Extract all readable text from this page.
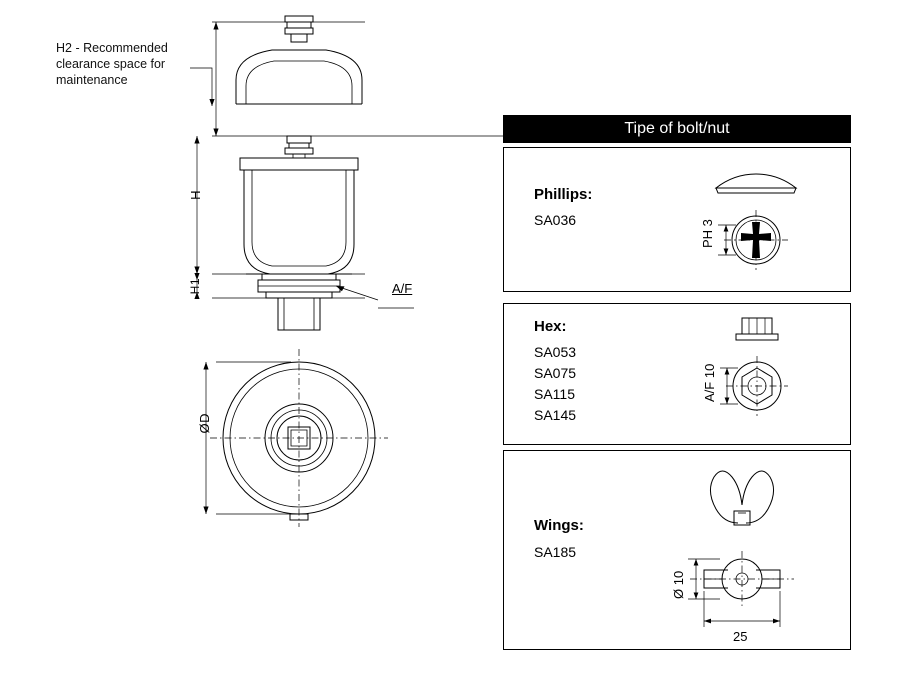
H2 - Recommended clearance space for maintenance
H
H1	A/F
ØD
Tipe of bolt/nut
Phillips:
SA036	PH 3
Hex:
SA053
SA075
SA115
SA145
A/F 10
Wings:
SA185
Ø 10
25
